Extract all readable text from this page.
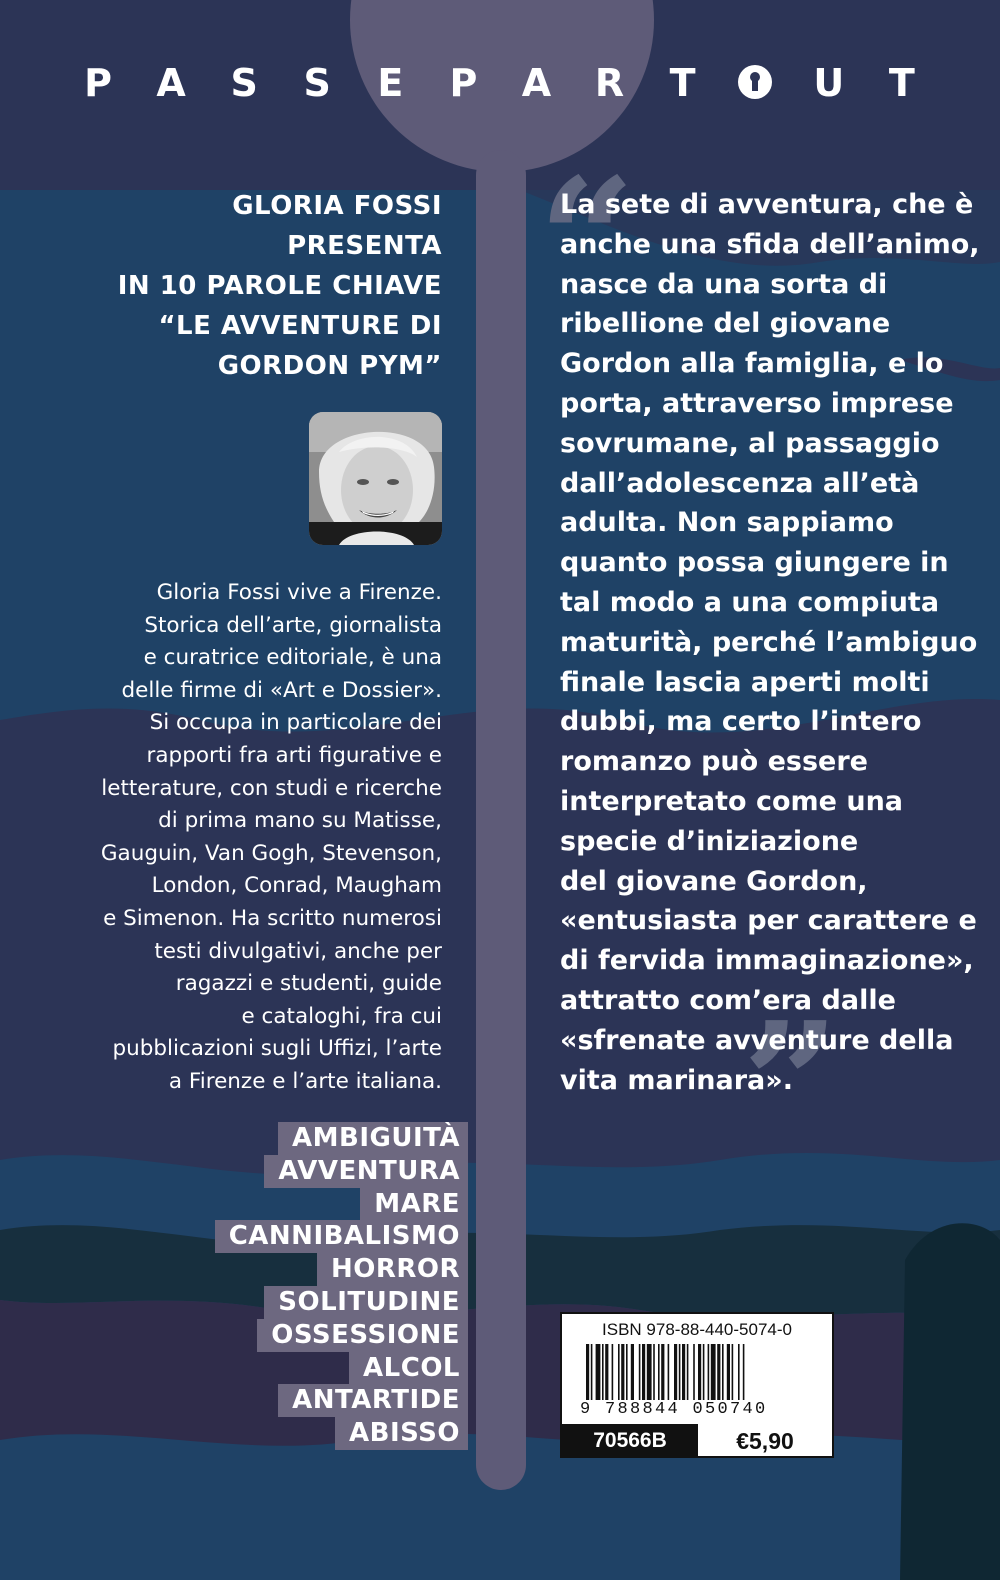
P A S S E P A R T	U T
GLORIA FOSSI
PRESENTA
IN 10 PAROLE CHIAVE
“LE AVVENTURE DI
GORDON PYM”
Gloria Fossi vive a Firenze.
Storica dell’arte, giornalista
e curatrice editoriale, è una
delle firme di «Art e Dossier».
Si occupa in particolare dei
rapporti fra arti figurative e
letterature, con studi e ricerche
di prima mano su Matisse,
Gauguin, Van Gogh, Stevenson,
London, Conrad, Maugham
e Simenon. Ha scritto numerosi
testi divulgativi, anche per
ragazzi e studenti, guide
e cataloghi, fra cui
pubblicazioni sugli Uffizi, l’arte
a Firenze e l’arte italiana.
AMBIGUITÀ
AVVENTURA
MARE
CANNIBALISMO
HORROR
SOLITUDINE
OSSESSIONE
ALCOL
ANTARTIDE
ABISSO
“
”
La sete di avventura, che è
anche una sfida dell’animo,
nasce da una sorta di
ribellione del giovane
Gordon alla famiglia, e lo
porta, attraverso imprese
sovrumane, al passaggio
dall’adolescenza all’età
adulta. Non sappiamo
quanto possa giungere in
tal modo a una compiuta
maturità, perché l’ambiguo
finale lascia aperti molti
dubbi, ma certo l’intero
romanzo può essere
interpretato come una
specie d’iniziazione
del giovane Gordon,
«entusiasta per carattere e
di fervida immaginazione»,
attratto com’era dalle
«sfrenate avventure della
vita marinara».
ISBN 978-88-440-5074-0
9 788844 050740
70566B	€5,90
